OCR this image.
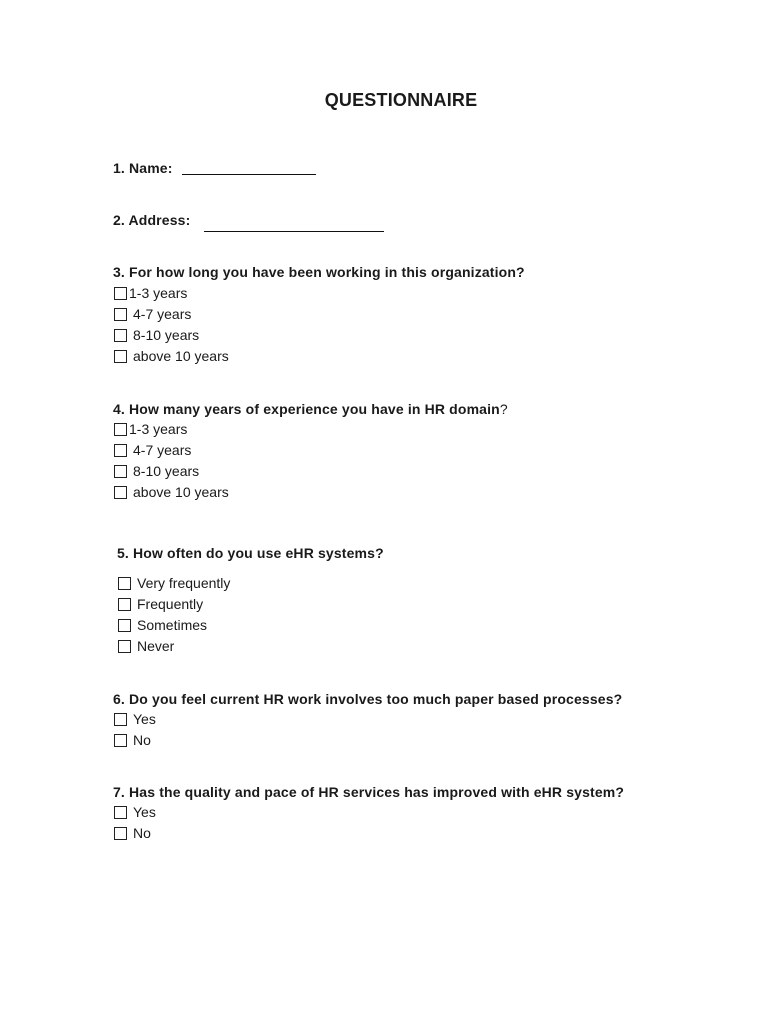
QUESTIONNAIRE
1. Name:
2. Address:
3. For how long you have been working in this organization?
1-3 years
4-7 years
8-10 years
above 10 years
4. How many years of experience you have in HR domain?
1-3 years
4-7 years
8-10 years
above 10 years
5. How often do you use eHR systems?
Very frequently
Frequently
Sometimes
Never
6. Do you feel current HR work involves too much paper based processes?
Yes
No
7. Has the quality and pace of HR services has improved with eHR system?
Yes
No
